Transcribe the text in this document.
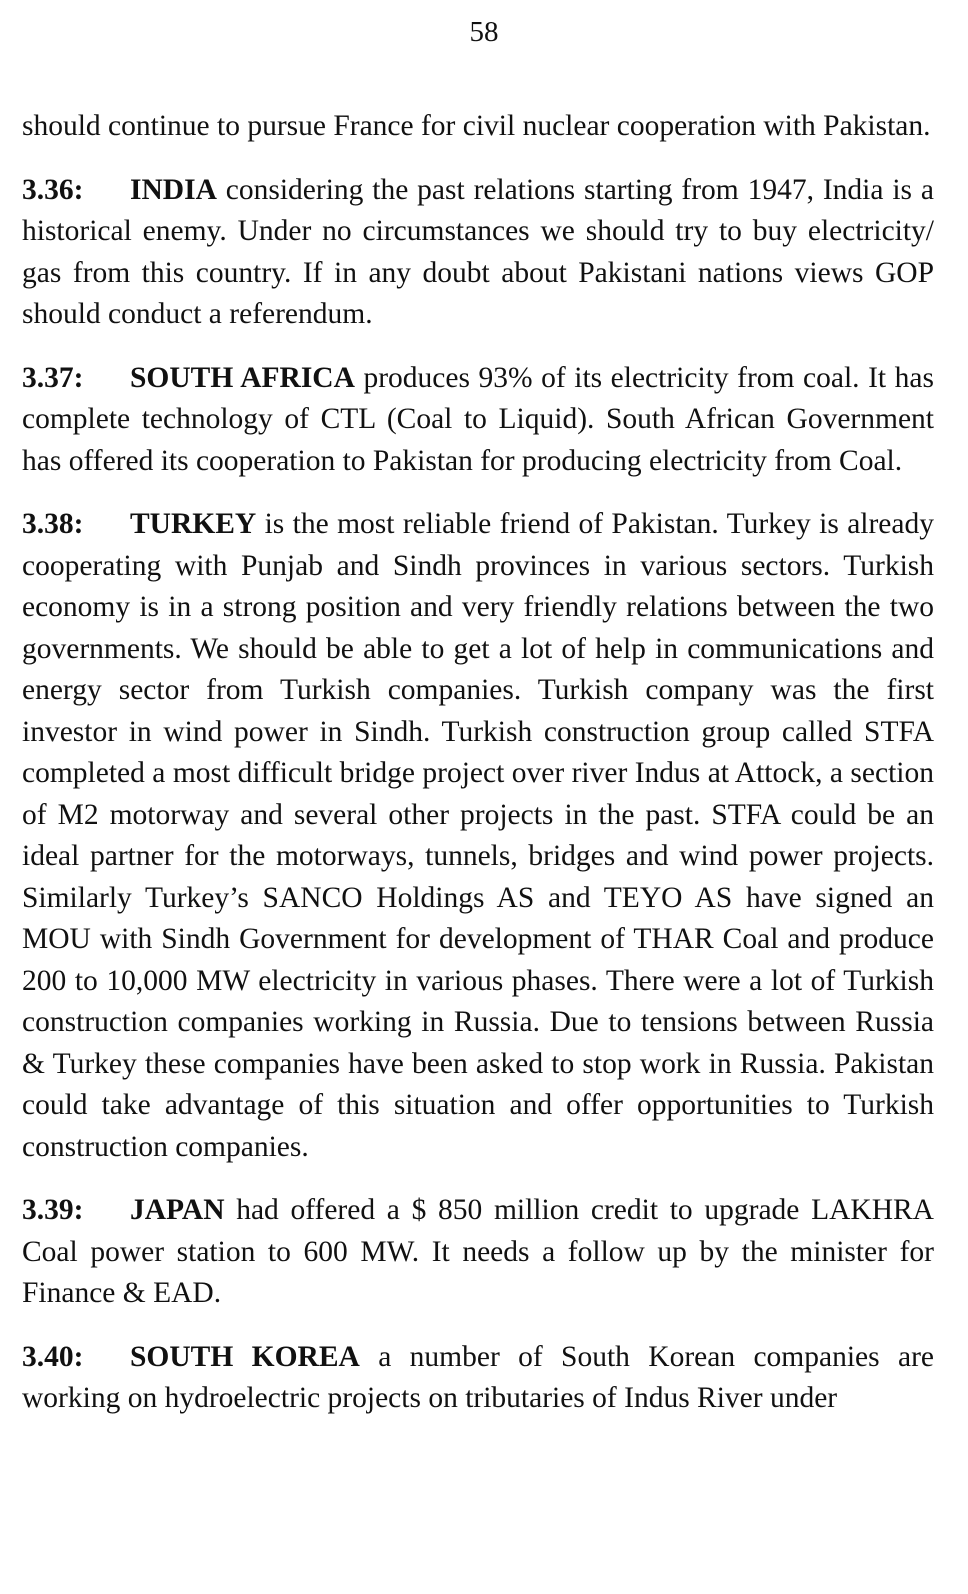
58

should continue to pursue France for civil nuclear cooperation with Pakistan.

3.36: INDIA considering the past relations starting from 1947, India is a historical enemy. Under no circumstances we should try to buy electricity/ gas from this country. If in any doubt about Pakistani nations views GOP should conduct a referendum.

3.37: SOUTH AFRICA produces 93% of its electricity from coal. It has complete technology of CTL (Coal to Liquid). South African Government has offered its cooperation to Pakistan for producing electricity from Coal.

3.38: TURKEY is the most reliable friend of Pakistan. Turkey is already cooperating with Punjab and Sindh provinces in various sectors. Turkish economy is in a strong position and very friendly relations between the two governments. We should be able to get a lot of help in communications and energy sector from Turkish companies. Turkish company was the first investor in wind power in Sindh. Turkish construction group called STFA completed a most difficult bridge project over river Indus at Attock, a section of M2 motorway and several other projects in the past. STFA could be an ideal partner for the motorways, tunnels, bridges and wind power projects. Similarly Turkey’s SANCO Holdings AS and TEYO AS have signed an MOU with Sindh Government for development of THAR Coal and produce 200 to 10,000 MW electricity in various phases. There were a lot of Turkish construction companies working in Russia. Due to tensions between Russia & Turkey these companies have been asked to stop work in Russia. Pakistan could take advantage of this situation and offer opportunities to Turkish construction companies.

3.39: JAPAN had offered a $ 850 million credit to upgrade LAKHRA Coal power station to 600 MW. It needs a follow up by the minister for Finance & EAD.

3.40: SOUTH KOREA a number of South Korean companies are working on hydroelectric projects on tributaries of Indus River under
